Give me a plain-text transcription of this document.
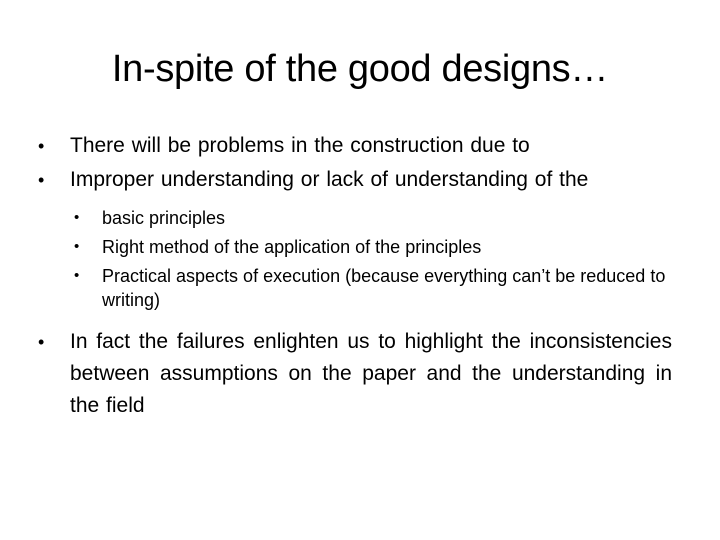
In-spite of the good designs…
•	There will be problems in the construction due to
•	Improper understanding or lack of understanding of the
• basic principles
• Right method of the application of the principles
• Practical aspects of execution (because everything can’t be reduced to writing)
•	In fact the failures enlighten us to highlight the inconsistencies between assumptions on the paper and the understanding in the field
